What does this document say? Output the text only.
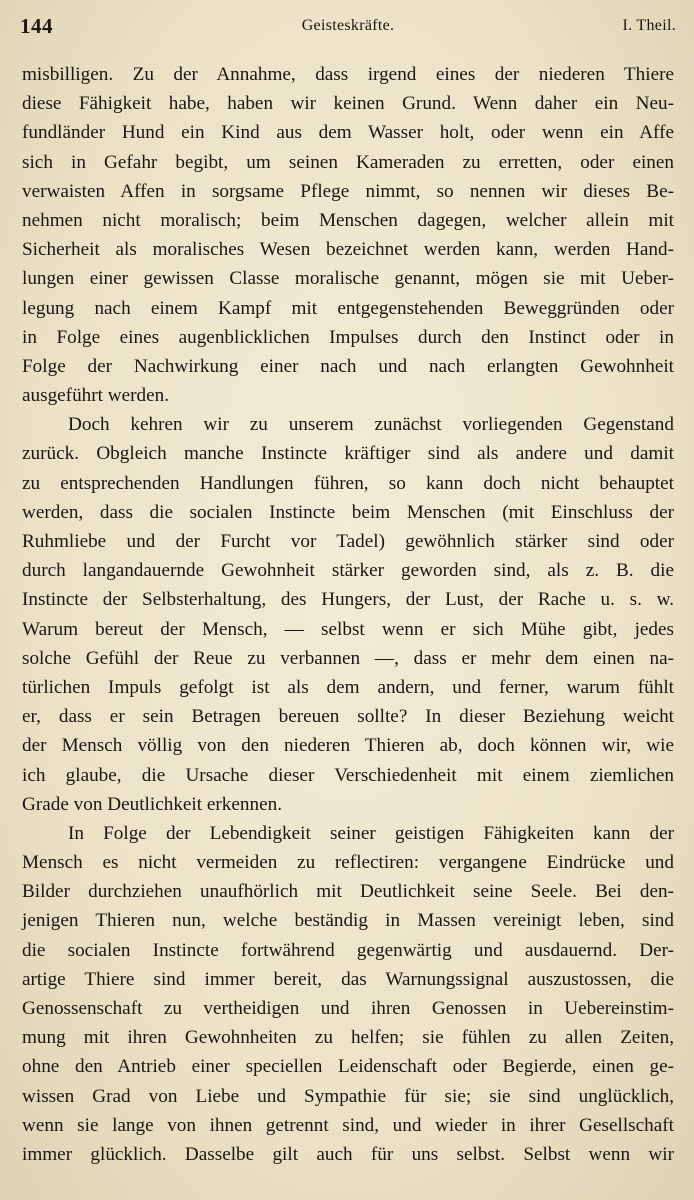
144	Geisteskräfte.	I. Theil.
misbilligen. Zu der Annahme, dass irgend eines der niederen Thiere
diese Fähigkeit habe, haben wir keinen Grund. Wenn daher ein Neu-
fundländer Hund ein Kind aus dem Wasser holt, oder wenn ein Affe
sich in Gefahr begibt, um seinen Kameraden zu erretten, oder einen
verwaisten Affen in sorgsame Pflege nimmt, so nennen wir dieses Be-
nehmen nicht moralisch; beim Menschen dagegen, welcher allein mit
Sicherheit als moralisches Wesen bezeichnet werden kann, werden Hand-
lungen einer gewissen Classe moralische genannt, mögen sie mit Ueber-
legung nach einem Kampf mit entgegenstehenden Beweggründen oder
in Folge eines augenblicklichen Impulses durch den Instinct oder in
Folge der Nachwirkung einer nach und nach erlangten Gewohnheit
ausgeführt werden.
Doch kehren wir zu unserem zunächst vorliegenden Gegenstand
zurück. Obgleich manche Instincte kräftiger sind als andere und damit
zu entsprechenden Handlungen führen, so kann doch nicht behauptet
werden, dass die socialen Instincte beim Menschen (mit Einschluss der
Ruhmliebe und der Furcht vor Tadel) gewöhnlich stärker sind oder
durch langandauernde Gewohnheit stärker geworden sind, als z. B. die
Instincte der Selbsterhaltung, des Hungers, der Lust, der Rache u. s. w.
Warum bereut der Mensch, — selbst wenn er sich Mühe gibt, jedes
solche Gefühl der Reue zu verbannen —, dass er mehr dem einen na-
türlichen Impuls gefolgt ist als dem andern, und ferner, warum fühlt
er, dass er sein Betragen bereuen sollte? In dieser Beziehung weicht
der Mensch völlig von den niederen Thieren ab, doch können wir, wie
ich glaube, die Ursache dieser Verschiedenheit mit einem ziemlichen
Grade von Deutlichkeit erkennen.
In Folge der Lebendigkeit seiner geistigen Fähigkeiten kann der
Mensch es nicht vermeiden zu reflectiren: vergangene Eindrücke und
Bilder durchziehen unaufhörlich mit Deutlichkeit seine Seele. Bei den-
jenigen Thieren nun, welche beständig in Massen vereinigt leben, sind
die socialen Instincte fortwährend gegenwärtig und ausdauernd. Der-
artige Thiere sind immer bereit, das Warnungssignal auszustossen, die
Genossenschaft zu vertheidigen und ihren Genossen in Uebereinstim-
mung mit ihren Gewohnheiten zu helfen; sie fühlen zu allen Zeiten,
ohne den Antrieb einer speciellen Leidenschaft oder Begierde, einen ge-
wissen Grad von Liebe und Sympathie für sie; sie sind unglücklich,
wenn sie lange von ihnen getrennt sind, und wieder in ihrer Gesellschaft
immer glücklich. Dasselbe gilt auch für uns selbst. Selbst wenn wir
